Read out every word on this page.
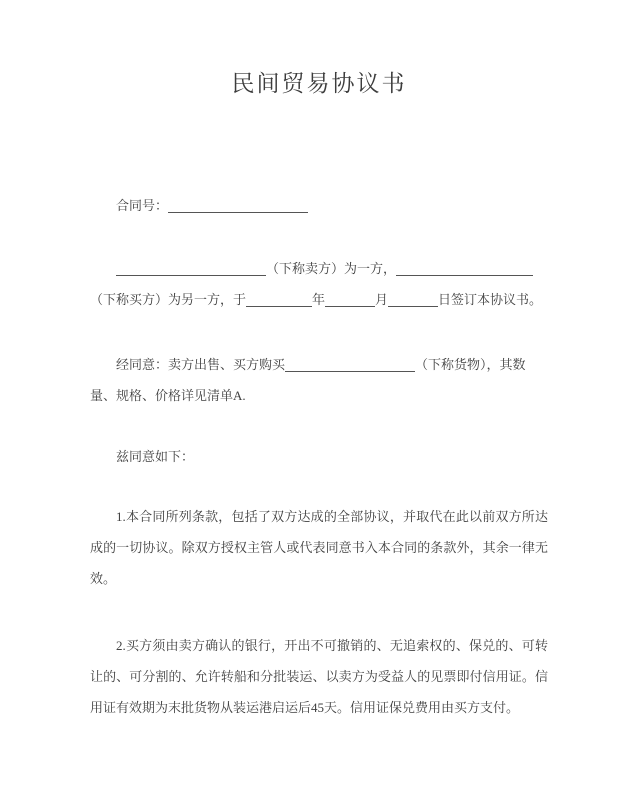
民间贸易协议书
合同号：
（下称卖方）为一方，
（下称买方）为另一方，于	年	月	日签订本协议书。
经同意：卖方出售、买方购买	（下称货物），其数
量、规格、价格详见清单A.
兹同意如下：

1.本合同所列条款，包括了双方达成的全部协议，并取代在此以前双方所达成的一切协议。除双方授权主管人或代表同意书入本合同的条款外，其余一律无效。

2.买方须由卖方确认的银行，开出不可撤销的、无追索权的、保兑的、可转让的、可分割的、允许转船和分批装运、以卖方为受益人的见票即付信用证。信用证有效期为末批货物从装运港启运后45天。信用证保兑费用由买方支付。
